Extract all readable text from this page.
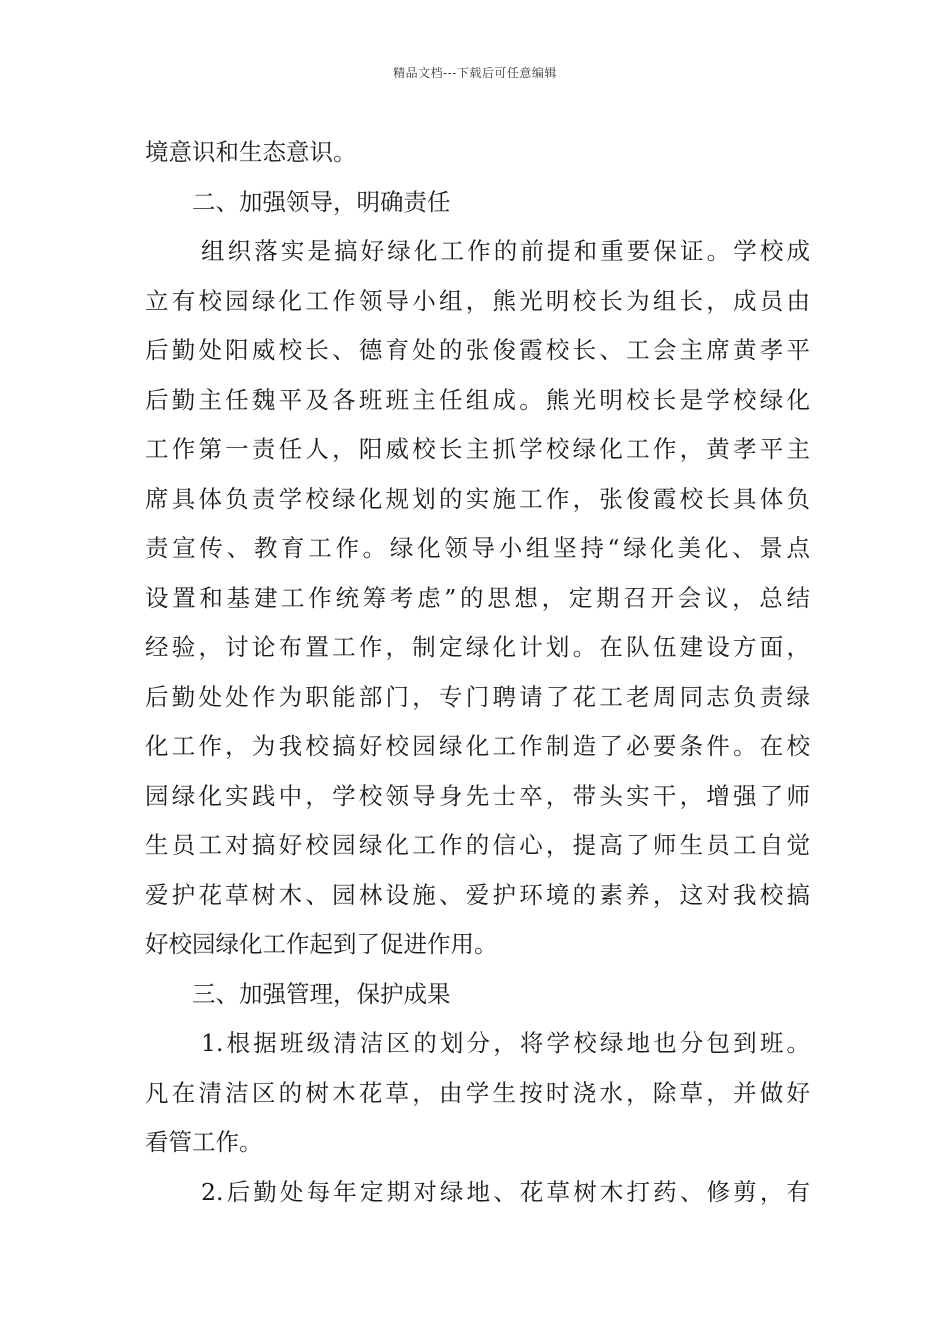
精品文档---下载后可任意编辑
境意识和生态意识。
二、加强领导，明确责任
组织落实是搞好绿化工作的前提和重要保证。学校成
立有校园绿化工作领导小组，熊光明校长为组长，成员由
后勤处阳威校长、德育处的张俊霞校长、工会主席黄孝平
后勤主任魏平及各班班主任组成。熊光明校长是学校绿化
工作第一责任人，阳威校长主抓学校绿化工作，黄孝平主
席具体负责学校绿化规划的实施工作，张俊霞校长具体负
责宣传、教育工作。绿化领导小组坚持“绿化美化、景点
设置和基建工作统筹考虑”的思想，定期召开会议，总结
经验，讨论布置工作，制定绿化计划。在队伍建设方面，
后勤处处作为职能部门，专门聘请了花工老周同志负责绿
化工作，为我校搞好校园绿化工作制造了必要条件。在校
园绿化实践中，学校领导身先士卒，带头实干，增强了师
生员工对搞好校园绿化工作的信心，提高了师生员工自觉
爱护花草树木、园林设施、爱护环境的素养，这对我校搞
好校园绿化工作起到了促进作用。
三、加强管理，保护成果
1.根据班级清洁区的划分，将学校绿地也分包到班。
凡在清洁区的树木花草，由学生按时浇水，除草，并做好
看管工作。
2.后勤处每年定期对绿地、花草树木打药、修剪，有
